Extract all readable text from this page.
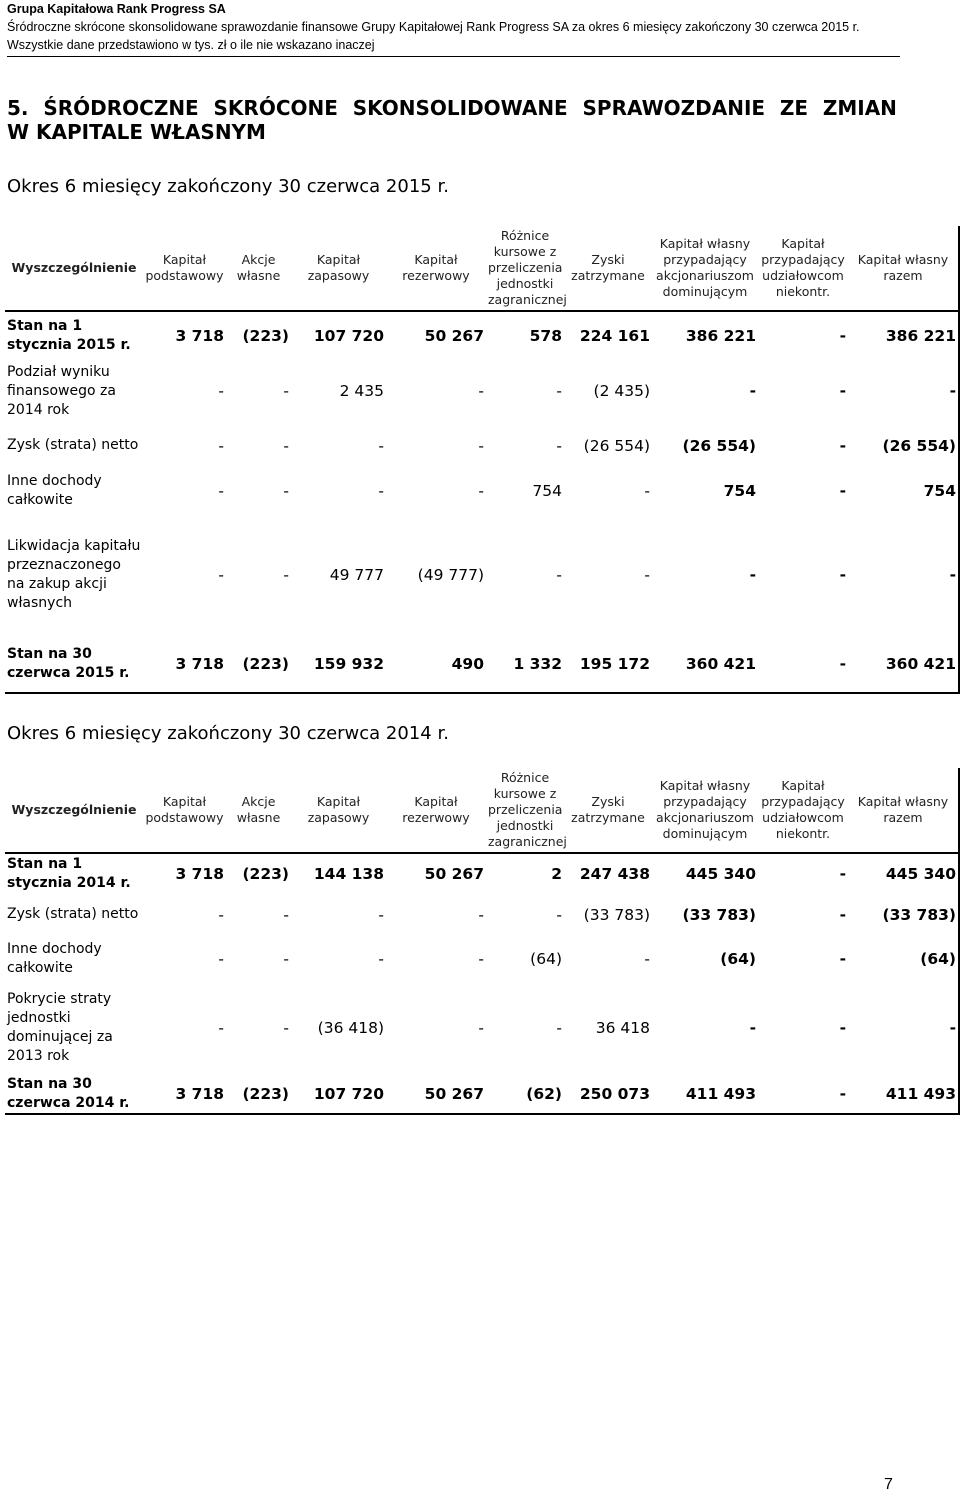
Grupa Kapitałowa Rank Progress SA
Śródroczne skrócone skonsolidowane sprawozdanie finansowe Grupy Kapitałowej Rank Progress SA za okres 6 miesięcy zakończony 30 czerwca 2015 r.
Wszystkie dane przedstawiono w tys. zł o ile nie wskazano inaczej
5. ŚRÓDROCZNE SKRÓCONE SKONSOLIDOWANE SPRAWOZDANIE ZE ZMIAN
W KAPITALE WŁASNYM
Okres 6 miesięcy zakończony 30 czerwca 2015 r.
Wyszczególnienie	Kapitał podstawowy	Akcje własne	Kapitał zapasowy	Kapitał rezerwowy	Różnice kursowe z przeliczenia jednostki zagranicznej	Zyski zatrzymane	Kapitał własny przypadający akcjonariuszom dominującym	Kapitał przypadający udziałowcom niekontr.	Kapitał własny razem
Stan na 1 stycznia 2015 r.	3 718	(223)	107 720	50 267	578	224 161	386 221	-	386 221
Podział wyniku finansowego za 2014 rok	-	-	2 435	-	-	(2 435)	-	-	-
Zysk (strata) netto	-	-	-	-	-	(26 554)	(26 554)	-	(26 554)
Inne dochody całkowite	-	-	-	-	754	-	754	-	754
Likwidacja kapitału przeznaczonego na zakup akcji własnych	-	-	49 777	(49 777)	-	-	-	-	-
Stan na 30 czerwca 2015 r.	3 718	(223)	159 932	490	1 332	195 172	360 421	-	360 421
Okres 6 miesięcy zakończony 30 czerwca 2014 r.
Wyszczególnienie	Kapitał podstawowy	Akcje własne	Kapitał zapasowy	Kapitał rezerwowy	Różnice kursowe z przeliczenia jednostki zagranicznej	Zyski zatrzymane	Kapitał własny przypadający akcjonariuszom dominującym	Kapitał przypadający udziałowcom niekontr.	Kapitał własny razem
Stan na 1 stycznia 2014 r.	3 718	(223)	144 138	50 267	2	247 438	445 340	-	445 340
Zysk (strata) netto	-	-	-	-	-	(33 783)	(33 783)	-	(33 783)
Inne dochody całkowite	-	-	-	-	(64)	-	(64)	-	(64)
Pokrycie straty jednostki dominującej za 2013 rok	-	-	(36 418)	-	-	36 418	-	-	-
Stan na 30 czerwca 2014 r.	3 718	(223)	107 720	50 267	(62)	250 073	411 493	-	411 493
7
